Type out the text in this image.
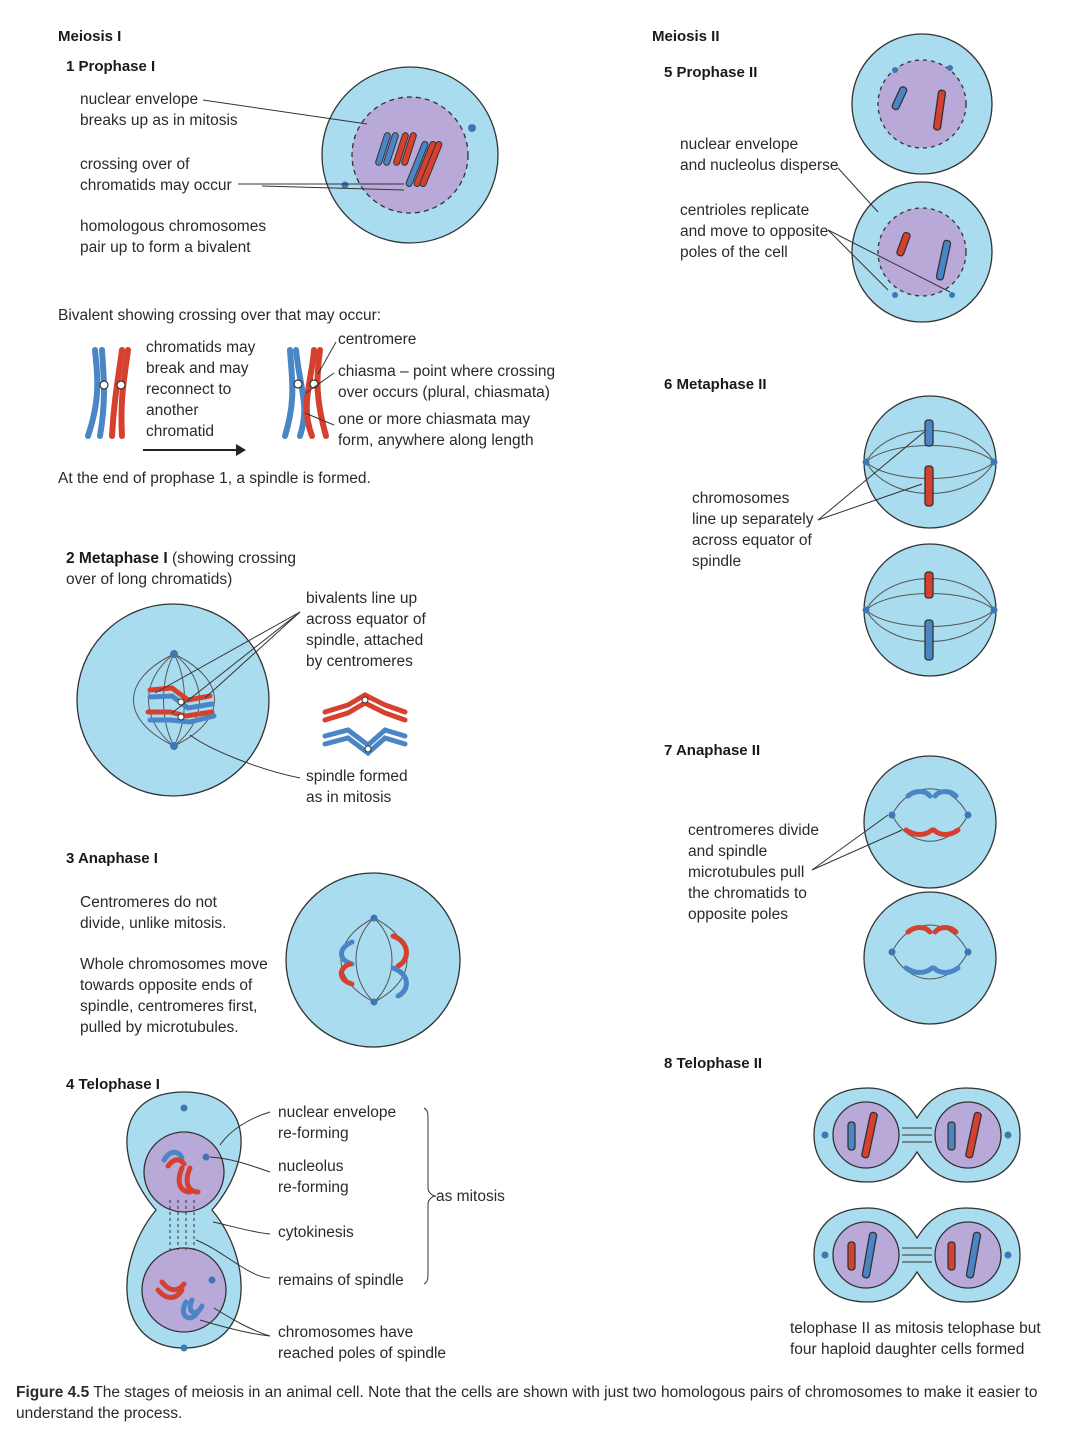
Meiosis I
1 Prophase I
nuclear envelope
breaks up as in mitosis
crossing over of
chromatids may occur
homologous chromosomes
pair up to form a bivalent
Bivalent showing crossing over that may occur:
chromatids may
break and may
reconnect to
another
chromatid
centromere
chiasma – point where crossing
over occurs (plural, chiasmata)
one or more chiasmata may
form, anywhere along length
At the end of prophase 1, a spindle is formed.
2 Metaphase I (showing crossing
over of long chromatids)
bivalents line up
across equator of
spindle, attached
by centromeres
spindle formed
as in mitosis
3 Anaphase I
Centromeres do not
divide, unlike mitosis.
Whole chromosomes move
towards opposite ends of
spindle, centromeres first,
pulled by microtubules.
4 Telophase I
nuclear envelope
re-forming
nucleolus
re-forming
cytokinesis
remains of spindle
chromosomes have
reached poles of spindle
as mitosis
Meiosis II
5 Prophase II
nuclear envelope
and nucleolus disperse
centrioles replicate
and move to opposite
poles of the cell
6 Metaphase II
chromosomes
line up separately
across equator of
spindle
7 Anaphase II
centromeres divide
and spindle
microtubules pull
the chromatids to
opposite poles
8 Telophase II
telophase II as mitosis telophase but
four haploid daughter cells formed
Figure 4.5 The stages of meiosis in an animal cell. Note that the cells are shown with just two homologous pairs of chromosomes to make it easier to understand the process.
